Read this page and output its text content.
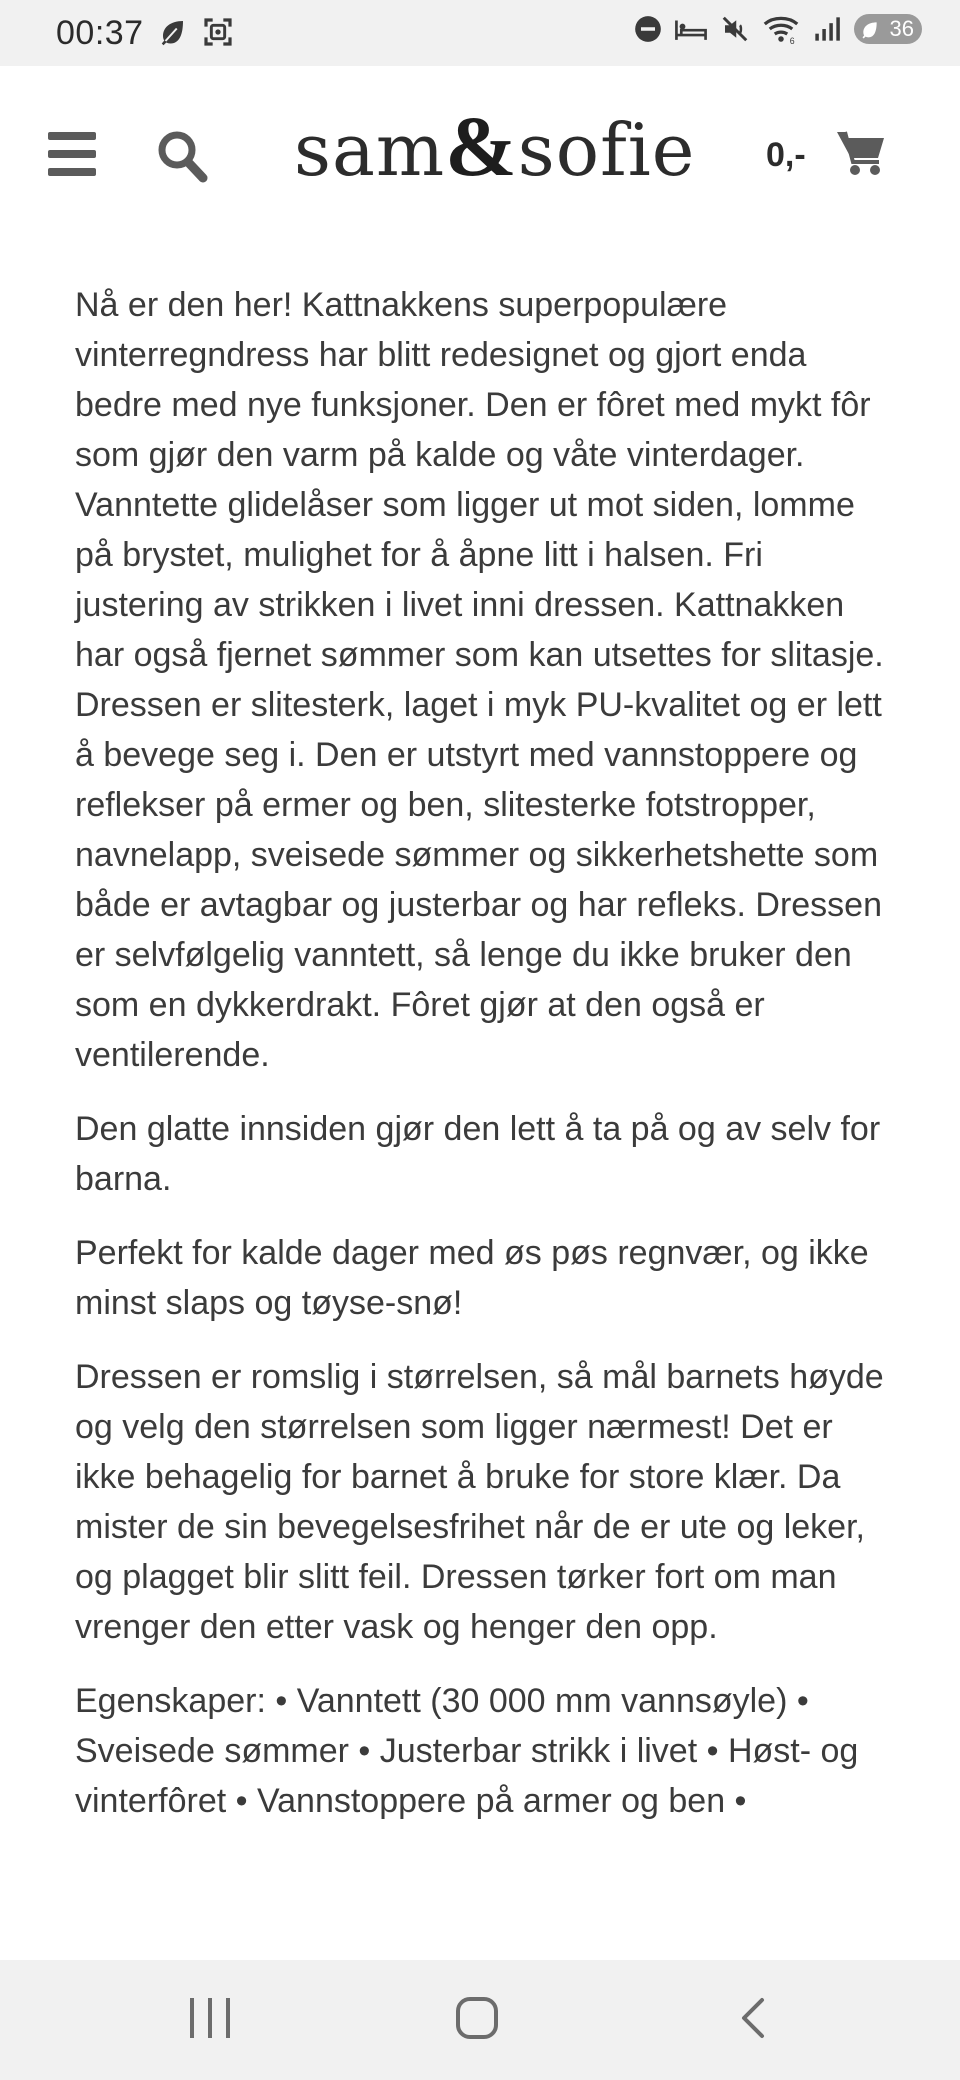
00:37	6	36
sam&sofie 0,-

Nå er den her! Kattnakkens superpopulære vinterregndress har blitt redesignet og gjort enda bedre med nye funksjoner. Den er fôret med mykt fôr som gjør den varm på kalde og våte vinterdager. Vanntette glidelåser som ligger ut mot siden, lomme på brystet, mulighet for å åpne litt i halsen. Fri justering av strikken i livet inni dressen. Kattnakken har også fjernet sømmer som kan utsettes for slitasje. Dressen er slitesterk, laget i myk PU-kvalitet og er lett å bevege seg i. Den er utstyrt med vannstoppere og reflekser på ermer og ben, slitesterke fotstropper, navnelapp, sveisede sømmer og sikkerhetshette som både er avtagbar og justerbar og har refleks. Dressen er selvfølgelig vanntett, så lenge du ikke bruker den som en dykkerdrakt. Fôret gjør at den også er ventilerende.

Den glatte innsiden gjør den lett å ta på og av selv for barna.

Perfekt for kalde dager med øs pøs regnvær, og ikke minst slaps og tøyse-snø!

Dressen er romslig i størrelsen, så mål barnets høyde og velg den størrelsen som ligger nærmest! Det er ikke behagelig for barnet å bruke for store klær. Da mister de sin bevegelsesfrihet når de er ute og leker, og plagget blir slitt feil. Dressen tørker fort om man vrenger den etter vask og henger den opp.

Egenskaper: • Vanntett (30 000 mm vannsøyle) • Sveisede sømmer • Justerbar strikk i livet • Høst- og vinterfôret • Vannstoppere på armer og ben •
